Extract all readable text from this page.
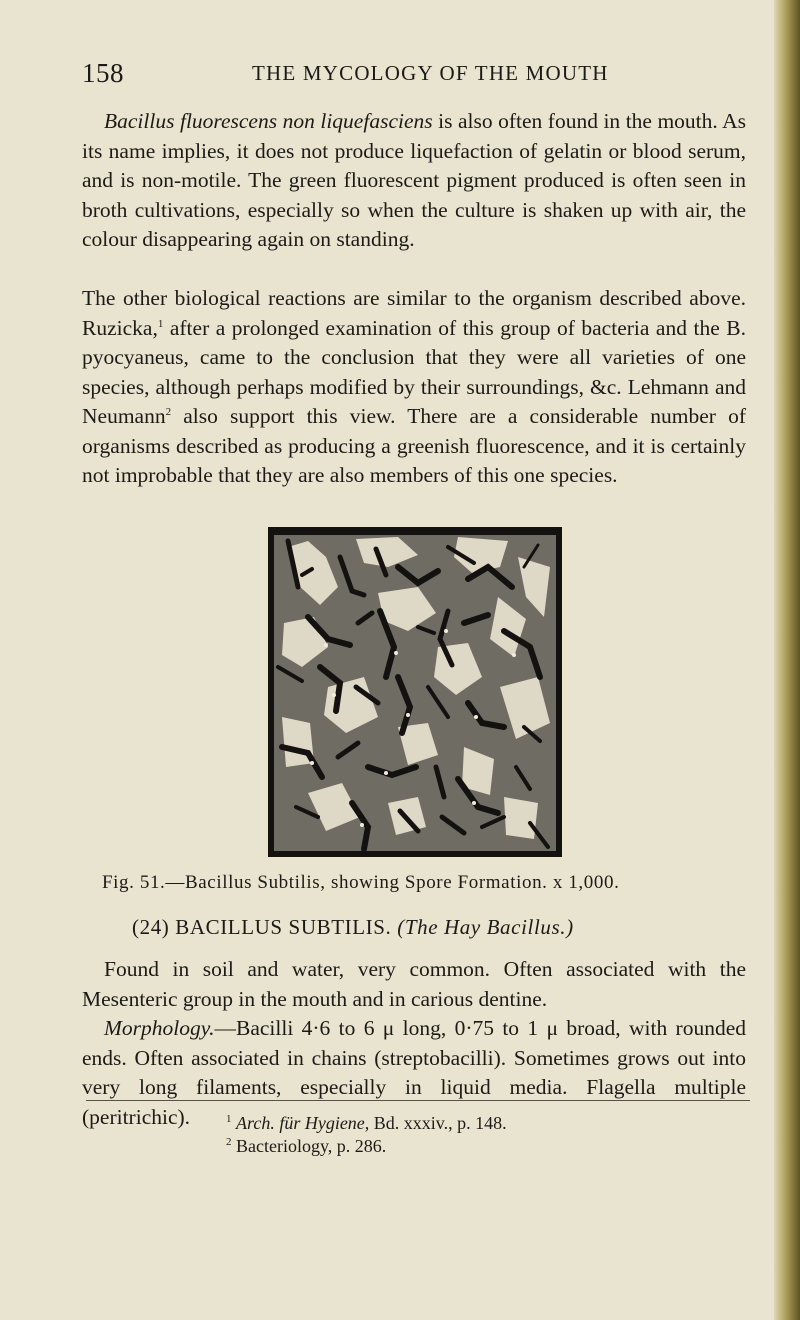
158	THE MYCOLOGY OF THE MOUTH

Bacillus fluorescens non liquefasciens is also often found in the mouth. As its name implies, it does not produce liquefaction of gelatin or blood serum, and is non-motile. The green fluorescent pigment produced is often seen in broth cultivations, especially so when the culture is shaken up with air, the colour disappearing again on standing.

The other biological reactions are similar to the organism described above. Ruzicka,$^1$ after a prolonged examination of this group of bacteria and the B. pyocyaneus, came to the conclusion that they were all varieties of one species, although perhaps modified by their surroundings, &c. Lehmann and Neumann$^2$ also support this view. There are a considerable number of organisms described as producing a greenish fluorescence, and it is certainly not improbable that they are also members of this one species.

Fig. 51.—Bacillus Subtilis, showing Spore Formation. x 1,000.
(24) BACILLUS SUBTILIS. (The Hay Bacillus.)

Found in soil and water, very common. Often associated with the Mesenteric group in the mouth and in carious dentine.

Morphology.—Bacilli 4·6 to 6 μ long, 0·75 to 1 μ broad, with rounded ends. Often associated in chains (streptobacilli). Sometimes grows out into very long filaments, especially in liquid media. Flagella multiple (peritrichic).	$^1$ Arch. für Hygiene, Bd. xxxiv., p. 148.
$^2$ Bacteriology, p. 286.
